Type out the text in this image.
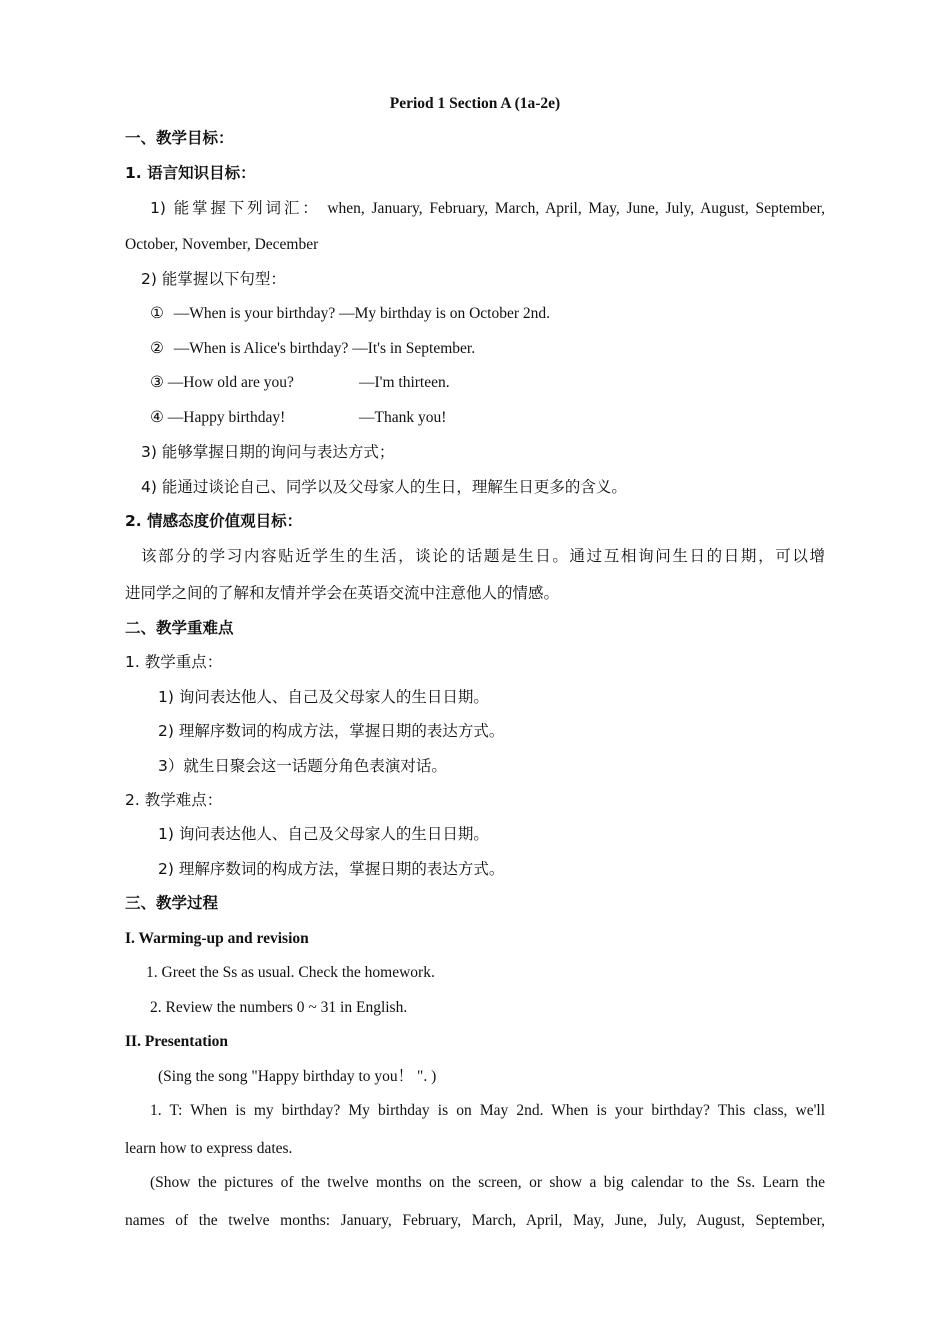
Period 1 Section A (1a-2e)
一、教学目标：
1. 语言知识目标：
1) 能掌握下列词汇： when, January, February, March, April, May, June, July, August, September,
October, November, December
2) 能掌握以下句型：
① —When is your birthday? —My birthday is on October 2nd.
② —When is Alice's birthday? —It's in September.
③ —How old are you?	—I'm thirteen.
④ —Happy birthday!	—Thank you!
3) 能够掌握日期的询问与表达方式；
4) 能通过谈论自己、同学以及父母家人的生日，理解生日更多的含义。
2. 情感态度价值观目标：
该部分的学习内容贴近学生的生活，谈论的话题是生日。通过互相询问生日的日期，可以增
进同学之间的了解和友情并学会在英语交流中注意他人的情感。
二、教学重难点
1. 教学重点：
1) 询问表达他人、自己及父母家人的生日日期。
2) 理解序数词的构成方法，掌握日期的表达方式。
3）就生日聚会这一话题分角色表演对话。
2. 教学难点：
1) 询问表达他人、自己及父母家人的生日日期。
2) 理解序数词的构成方法，掌握日期的表达方式。
三、教学过程
I. Warming-up and revision
1. Greet the Ss as usual. Check the homework.
2. Review the numbers 0 ~ 31 in English.
II. Presentation
(Sing the song "Happy birthday to you！ ". )
1. T: When is my birthday? My birthday is on May 2nd. When is your birthday? This class, we'll
learn how to express dates.
(Show the pictures of the twelve months on the screen, or show a big calendar to the Ss. Learn the
names of the twelve months: January, February, March, April, May, June, July, August, September,
